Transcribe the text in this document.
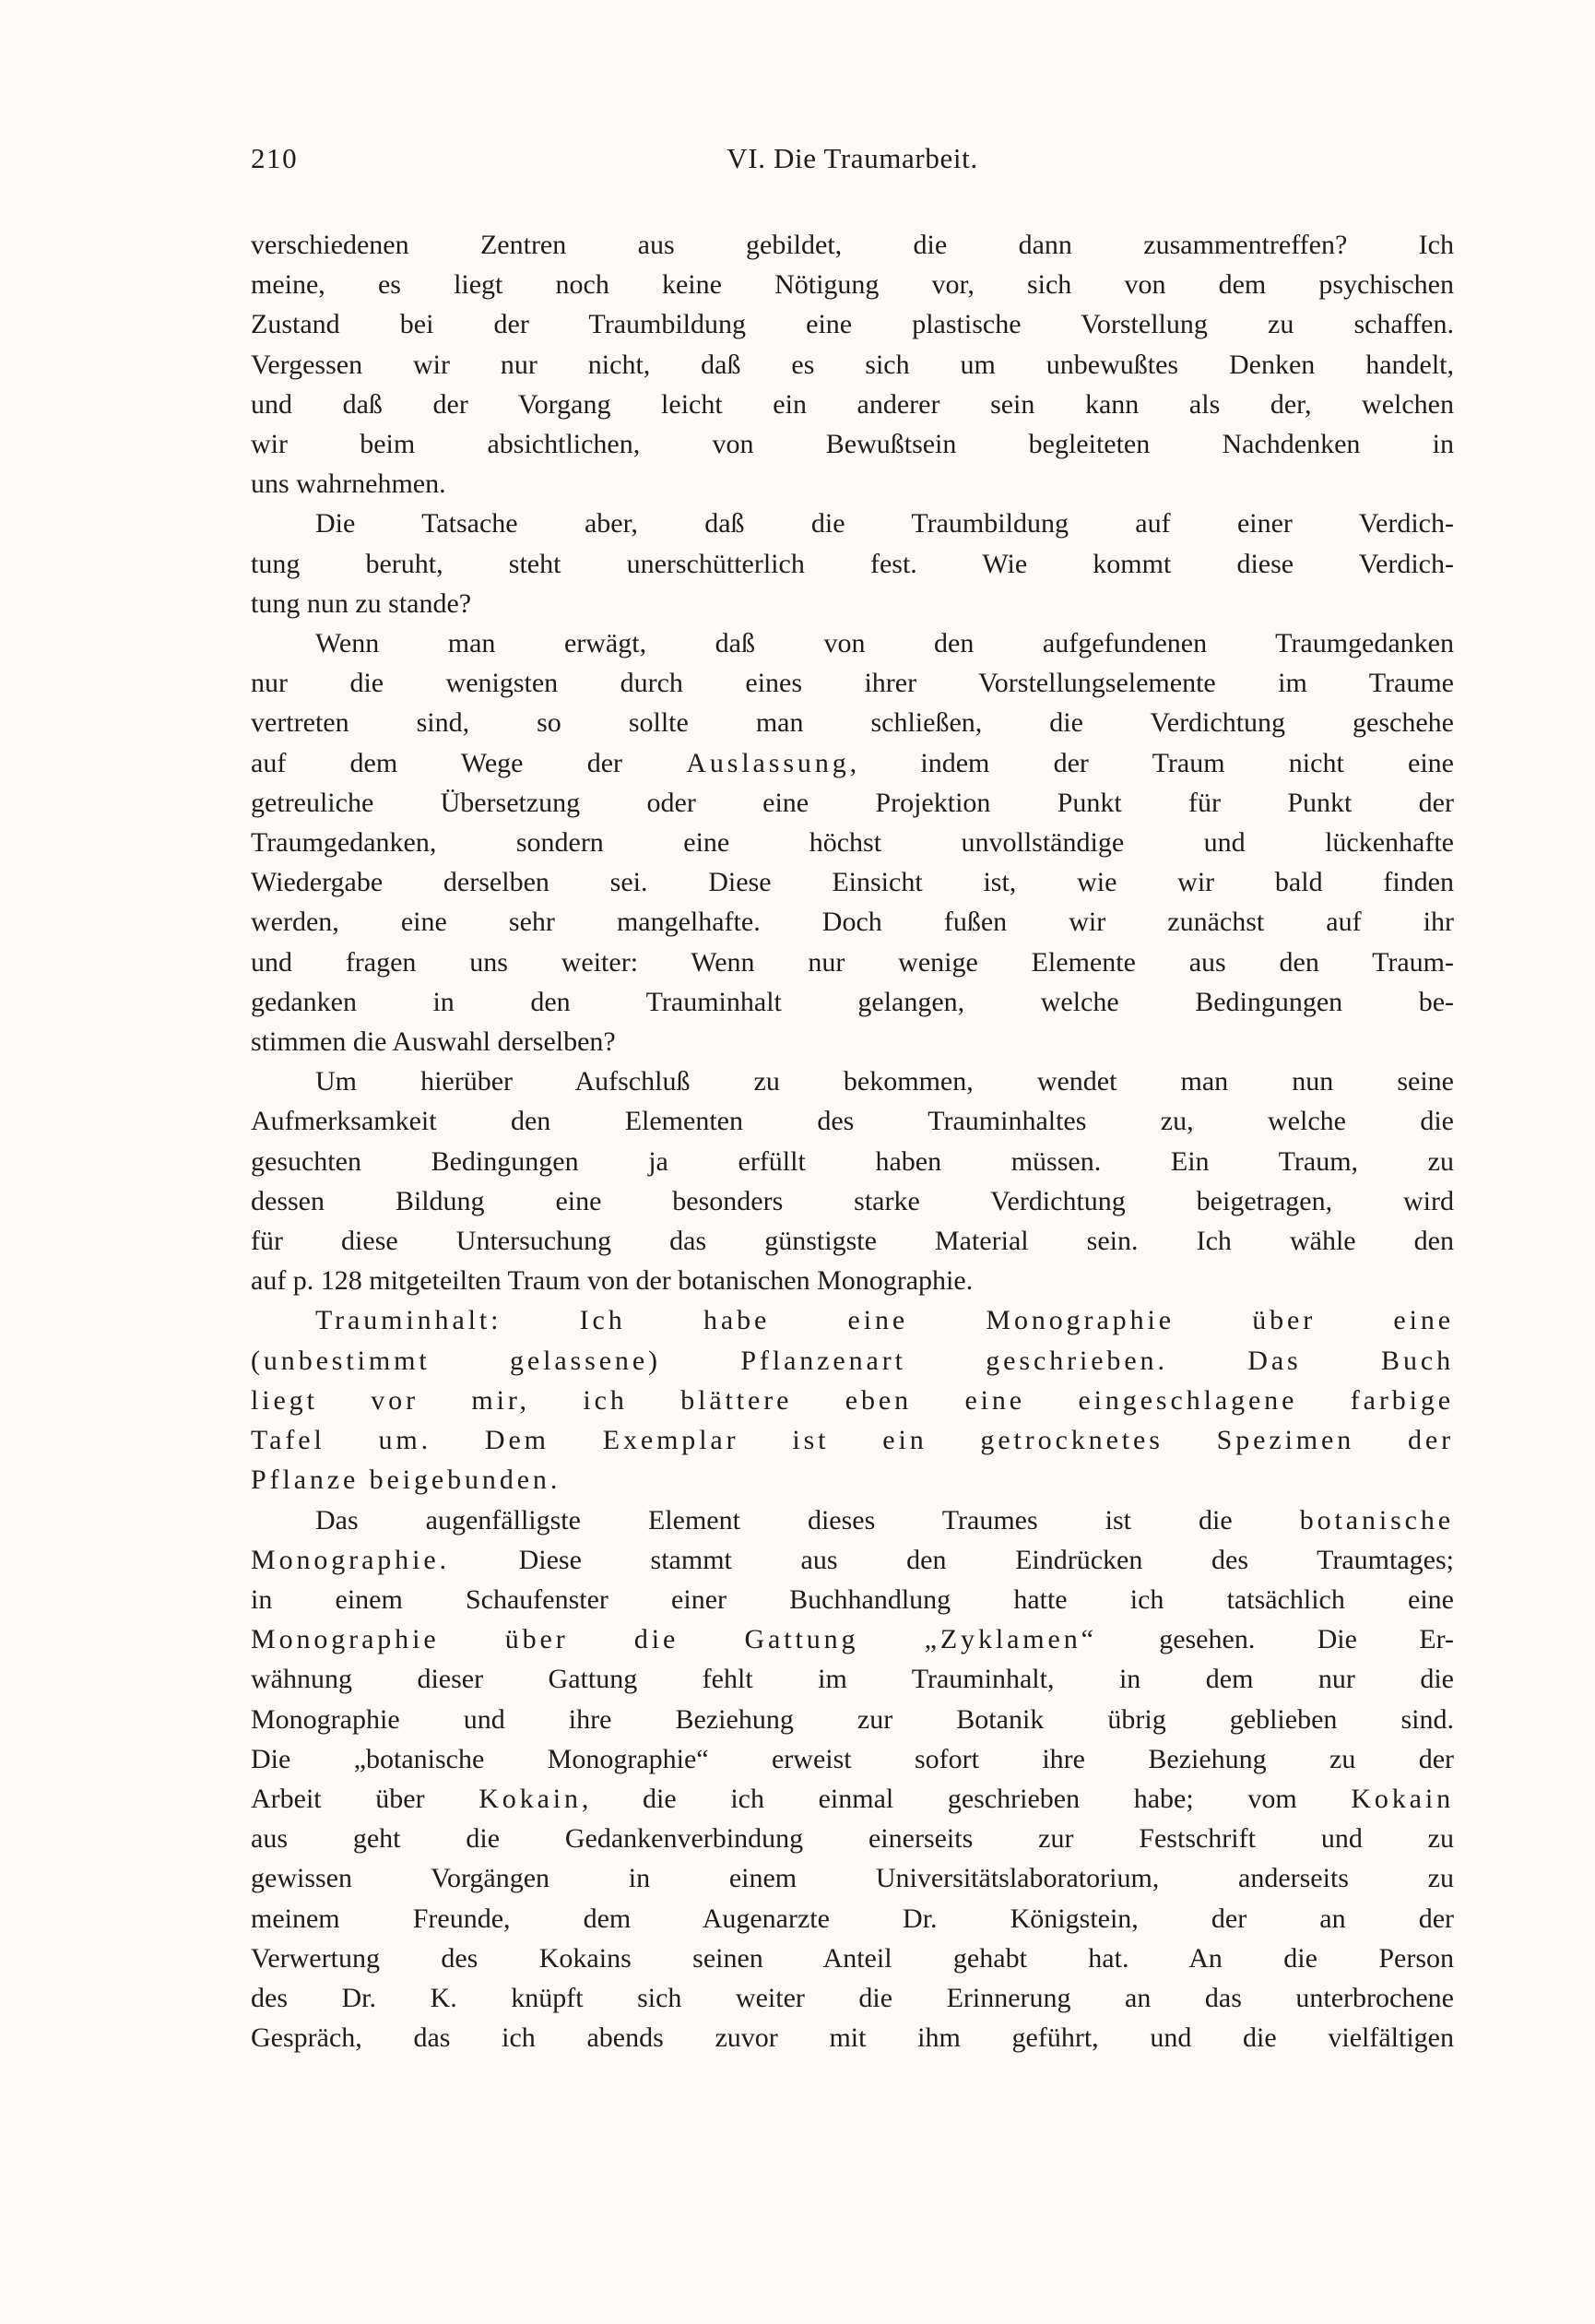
210	VI. Die Traumarbeit.
verschiedenen Zentren aus gebildet, die dann zusammentreffen? Ich
meine, es liegt noch keine Nötigung vor, sich von dem psychischen
Zustand bei der Traumbildung eine plastische Vorstellung zu schaffen.
Vergessen wir nur nicht, daß es sich um unbewußtes Denken handelt,
und daß der Vorgang leicht ein anderer sein kann als der, welchen
wir beim absichtlichen, von Bewußtsein begleiteten Nachdenken in
uns wahrnehmen.
Die Tatsache aber, daß die Traumbildung auf einer Verdich-
tung beruht, steht unerschütterlich fest. Wie kommt diese Verdich-
tung nun zu stande?
Wenn man erwägt, daß von den aufgefundenen Traumgedanken
nur die wenigsten durch eines ihrer Vorstellungselemente im Traume
vertreten sind, so sollte man schließen, die Verdichtung geschehe
auf dem Wege der Auslassung, indem der Traum nicht eine
getreuliche Übersetzung oder eine Projektion Punkt für Punkt der
Traumgedanken, sondern eine höchst unvollständige und lückenhafte
Wiedergabe derselben sei. Diese Einsicht ist, wie wir bald finden
werden, eine sehr mangelhafte. Doch fußen wir zunächst auf ihr
und fragen uns weiter: Wenn nur wenige Elemente aus den Traum-
gedanken in den Trauminhalt gelangen, welche Bedingungen be-
stimmen die Auswahl derselben?
Um hierüber Aufschluß zu bekommen, wendet man nun seine
Aufmerksamkeit den Elementen des Trauminhaltes zu, welche die
gesuchten Bedingungen ja erfüllt haben müssen. Ein Traum, zu
dessen Bildung eine besonders starke Verdichtung beigetragen, wird
für diese Untersuchung das günstigste Material sein. Ich wähle den
auf p. 128 mitgeteilten Traum von der botanischen Monographie.
Trauminhalt: Ich habe eine Monographie über eine
(unbestimmt gelassene) Pflanzenart geschrieben. Das Buch
liegt vor mir, ich blättere eben eine eingeschlagene farbige
Tafel um. Dem Exemplar ist ein getrocknetes Spezimen der
Pflanze beigebunden.
Das augenfälligste Element dieses Traumes ist die botanische
Monographie. Diese stammt aus den Eindrücken des Traumtages;
in einem Schaufenster einer Buchhandlung hatte ich tatsächlich eine
Monographie über die Gattung „Zyklamen“ gesehen. Die Er-
wähnung dieser Gattung fehlt im Trauminhalt, in dem nur die
Monographie und ihre Beziehung zur Botanik übrig geblieben sind.
Die „botanische Monographie“ erweist sofort ihre Beziehung zu der
Arbeit über Kokain, die ich einmal geschrieben habe; vom Kokain
aus geht die Gedankenverbindung einerseits zur Festschrift und zu
gewissen Vorgängen in einem Universitätslaboratorium, anderseits zu
meinem Freunde, dem Augenarzte Dr. Königstein, der an der
Verwertung des Kokains seinen Anteil gehabt hat. An die Person
des Dr. K. knüpft sich weiter die Erinnerung an das unterbrochene
Gespräch, das ich abends zuvor mit ihm geführt, und die vielfältigen
